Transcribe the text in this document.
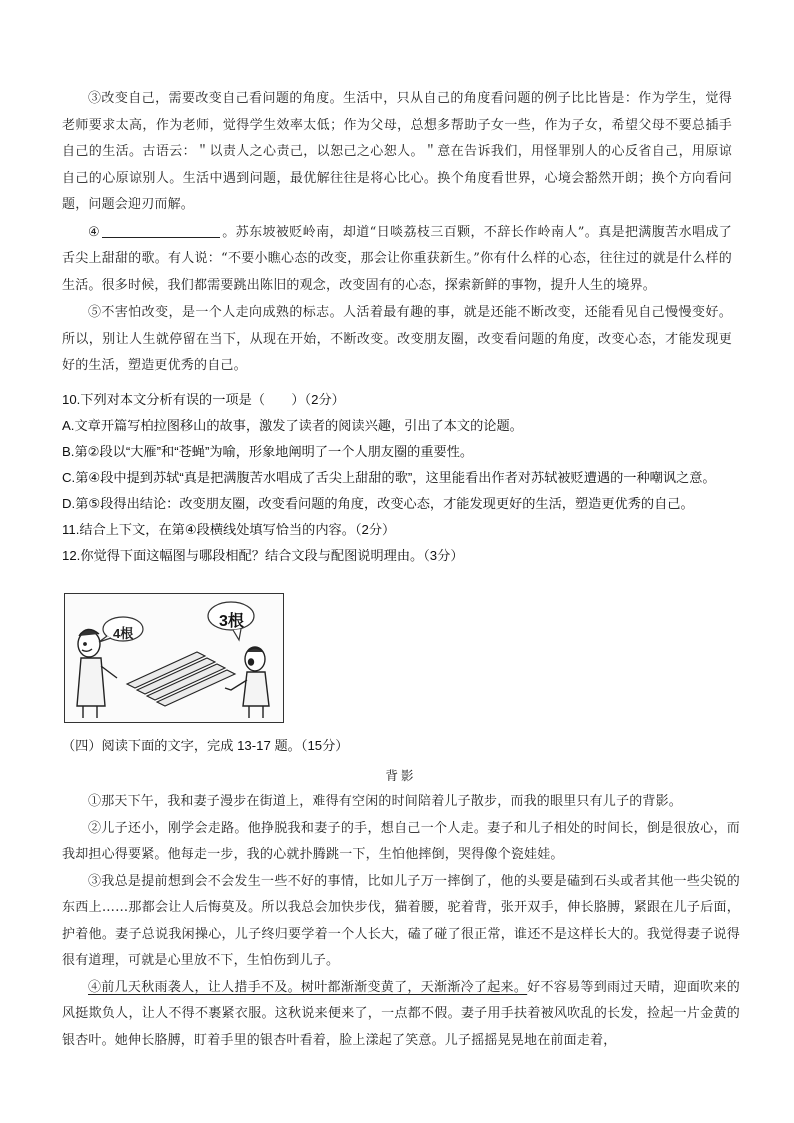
③改变自己，需要改变自己看问题的角度。生活中，只从自己的角度看问题的例子比比皆是：作为学生，觉得老师要求太高，作为老师，觉得学生效率太低；作为父母，总想多帮助子女一些，作为子女，希望父母不要总插手自己的生活。古语云：＂以责人之心责己，以恕己之心恕人。＂意在告诉我们，用怪罪别人的心反省自己，用原谅自己的心原谅别人。生活中遇到问题，最优解往往是将心比心。换个角度看世界，心境会豁然开朗；换个方向看问题，问题会迎刃而解。

④	。苏东坡被贬岭南，却道“日啖荔枝三百颗，不辞长作岭南人”。真是把满腹苦水唱成了舌尖上甜甜的歌。有人说：“不要小瞧心态的改变，那会让你重获新生。”你有什么样的心态，往往过的就是什么样的生活。很多时候，我们都需要跳出陈旧的观念，改变固有的心态，探索新鲜的事物，提升人生的境界。

⑤不害怕改变，是一个人走向成熟的标志。人活着最有趣的事，就是还能不断改变，还能看见自己慢慢变好。所以，别让人生就停留在当下，从现在开始，不断改变。改变朋友圈，改变看问题的角度，改变心态，才能发现更好的生活，塑造更优秀的自己。

10.下列对本文分析有误的一项是（　　）（2分）

A.文章开篇写柏拉图移山的故事，激发了读者的阅读兴趣，引出了本文的论题。

B.第②段以“大雁”和“苍蝇”为喻，形象地阐明了一个人朋友圈的重要性。

C.第④段中提到苏轼“真是把满腹苦水唱成了舌尖上甜甜的歌”，这里能看出作者对苏轼被贬遭遇的一种嘲讽之意。

D.第⑤段得出结论：改变朋友圈，改变看问题的角度，改变心态，才能发现更好的生活，塑造更优秀的自己。

11.结合上下文，在第④段横线处填写恰当的内容。（2分）

12.你觉得下面这幅图与哪段相配？结合文段与配图说明理由。（3分）

4根
3根

（四）阅读下面的文字，完成 13-17 题。（15分）

背影

①那天下午，我和妻子漫步在街道上，难得有空闲的时间陪着儿子散步，而我的眼里只有儿子的背影。

②儿子还小，刚学会走路。他挣脱我和妻子的手，想自己一个人走。妻子和儿子相处的时间长，倒是很放心，而我却担心得要紧。他每走一步，我的心就扑腾跳一下，生怕他摔倒，哭得像个瓷娃娃。

③我总是提前想到会不会发生一些不好的事情，比如儿子万一摔倒了，他的头要是磕到石头或者其他一些尖锐的东西上……那都会让人后悔莫及。所以我总会加快步伐，猫着腰，驼着背，张开双手，伸长胳膊，紧跟在儿子后面，护着他。妻子总说我闲操心，儿子终归要学着一个人长大，磕了碰了很正常，谁还不是这样长大的。我觉得妻子说得很有道理，可就是心里放不下，生怕伤到儿子。

④前几天秋雨袭人，让人措手不及。树叶都渐渐变黄了，天渐渐冷了起来。好不容易等到雨过天晴，迎面吹来的风挺欺负人，让人不得不裹紧衣服。这秋说来便来了，一点都不假。妻子用手扶着被风吹乱的长发，捡起一片金黄的银杏叶。她伸长胳膊，盯着手里的银杏叶看着，脸上漾起了笑意。儿子摇摇晃晃地在前面走着，
